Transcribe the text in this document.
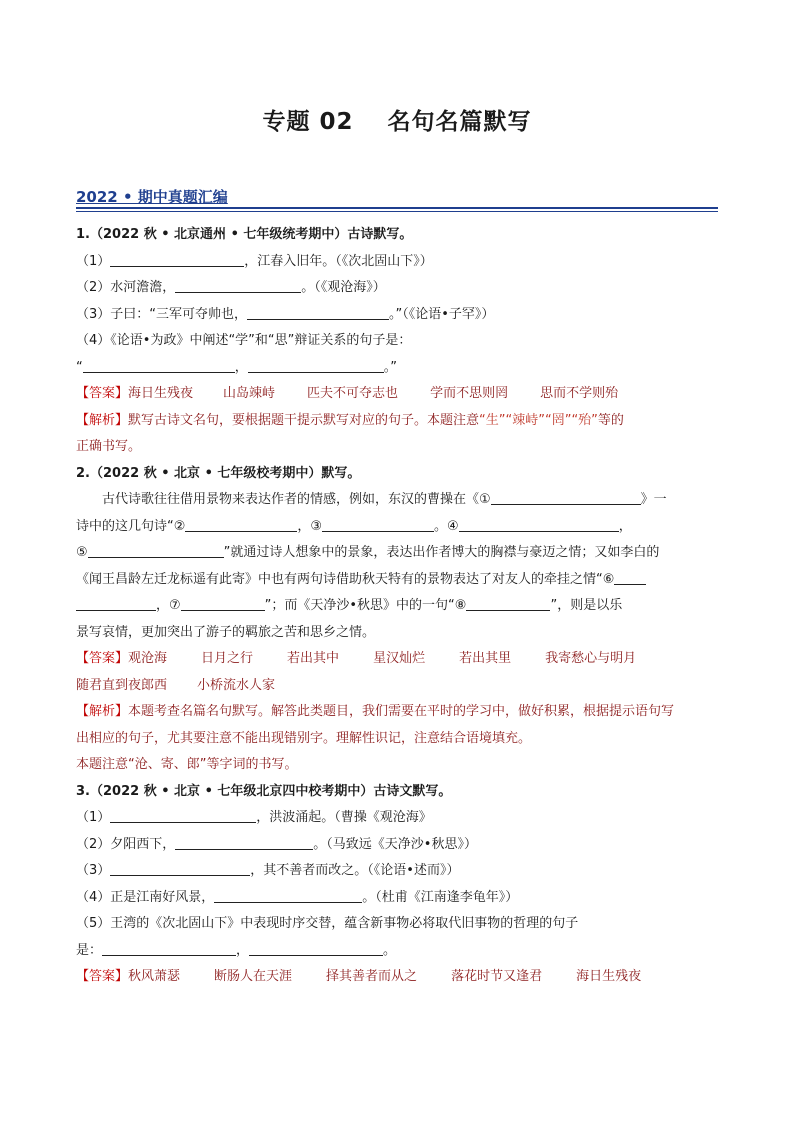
专题 02 名句名篇默写
2022 • 期中真题汇编
1.（2022 秋 • 北京通州 • 七年级统考期中）古诗默写。
（1）	，江春入旧年。（《次北固山下》）
（2）水河澹澹，	。（《观沧海》）
（3）子曰：“三军可夺帅也，	。”（《论语•子罕》）
（4）《论语•为政》中阐述“学”和“思”辩证关系的句子是：
“	，	。”
【答案】海日生残夜 山岛竦峙 匹夫不可夺志也 学而不思则罔 思而不学则殆
【解析】默写古诗文名句，要根据题干提示默写对应的句子。本题注意“生”“竦峙”“罔”“殆”等的
正确书写。
2.（2022 秋 • 北京 • 七年级校考期中）默写。
古代诗歌往往借用景物来表达作者的情感，例如，东汉的曹操在《①	》一
诗中的这几句诗“②	，③	。④	，
⑤	”就通过诗人想象中的景象，表达出作者博大的胸襟与豪迈之情；又如李白的
《闻王昌龄左迁龙标遥有此寄》中也有两句诗借助秋天特有的景物表达了对友人的牵挂之情“⑥
，⑦	”；而《天净沙•秋思》中的一句“⑧	”，则是以乐
景写哀情，更加突出了游子的羁旅之苦和思乡之情。
【答案】观沧海	日月之行	若出其中	星汉灿烂	若出其里	我寄愁心与明月
随君直到夜郎西 小桥流水人家
【解析】本题考查名篇名句默写。解答此类题目，我们需要在平时的学习中，做好积累，根据提示语句写
出相应的句子，尤其要注意不能出现错别字。理解性识记，注意结合语境填充。
本题注意“沧、寄、郎”等字词的书写。
3.（2022 秋 • 北京 • 七年级北京四中校考期中）古诗文默写。
（1）	，洪波涌起。（曹操《观沧海》
（2）夕阳西下，	。（马致远《天净沙•秋思》）
（3）	，其不善者而改之。（《论语•述而》）
（4）正是江南好风景，	。（杜甫《江南逢李龟年》）
（5）王湾的《次北固山下》中表现时序交替，蕴含新事物必将取代旧事物的哲理的句子
是：	，	。
【答案】秋风萧瑟	断肠人在天涯	择其善者而从之	落花时节又逢君	海日生残夜
